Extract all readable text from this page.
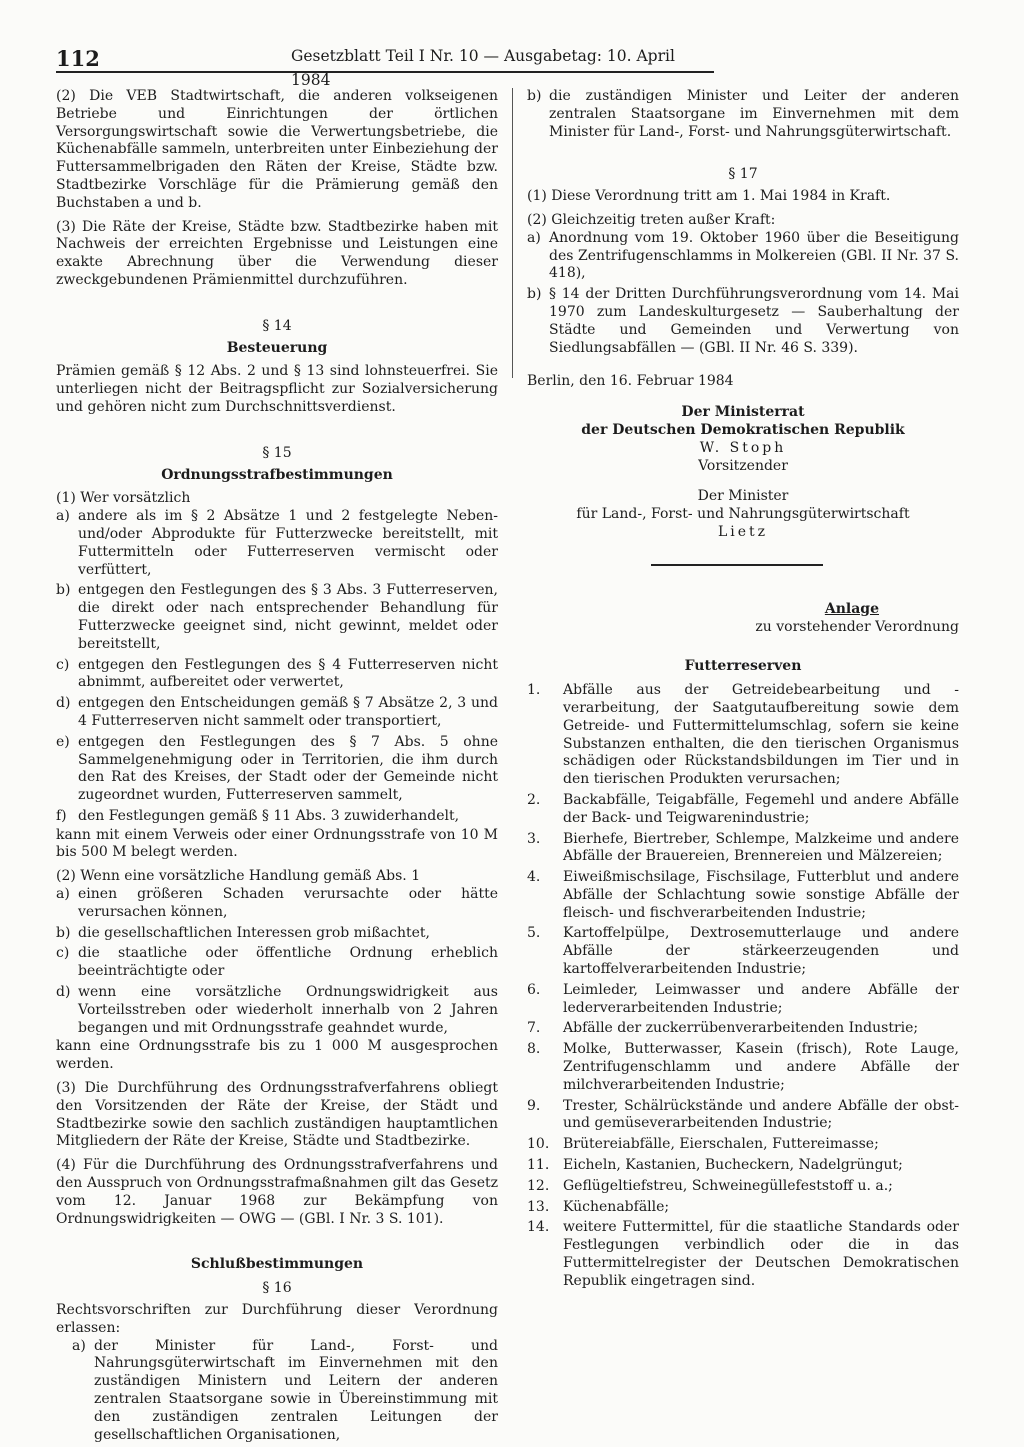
112	Gesetzblatt Teil I Nr. 10 — Ausgabetag: 10. April 1984

(2) Die VEB Stadtwirtschaft, die anderen volkseigenen Betriebe und Einrichtungen der örtlichen Versorgungswirtschaft sowie die Verwertungsbetriebe, die Küchenabfälle sammeln, unterbreiten unter Einbeziehung der Futtersammelbrigaden den Räten der Kreise, Städte bzw. Stadtbezirke Vorschläge für die Prämierung gemäß den Buchstaben a und b.

(3) Die Räte der Kreise, Städte bzw. Stadtbezirke haben mit Nachweis der erreichten Ergebnisse und Leistungen eine exakte Abrechnung über die Verwendung dieser zweckgebundenen Prämienmittel durchzuführen.

§ 14

Besteuerung

Prämien gemäß § 12 Abs. 2 und § 13 sind lohnsteuerfrei. Sie unterliegen nicht der Beitragspflicht zur Sozialversicherung und gehören nicht zum Durchschnittsverdienst.

§ 15

Ordnungsstrafbestimmungen

(1) Wer vorsätzlich

a) andere als im § 2 Absätze 1 und 2 festgelegte Neben- und/oder Abprodukte für Futterzwecke bereitstellt, mit Futtermitteln oder Futterreserven vermischt oder verfüttert,
b) entgegen den Festlegungen des § 3 Abs. 3 Futterreserven, die direkt oder nach entsprechender Behandlung für Futterzwecke geeignet sind, nicht gewinnt, meldet oder bereitstellt,
c) entgegen den Festlegungen des § 4 Futterreserven nicht abnimmt, aufbereitet oder verwertet,
d) entgegen den Entscheidungen gemäß § 7 Absätze 2, 3 und 4 Futterreserven nicht sammelt oder transportiert,
e) entgegen den Festlegungen des § 7 Abs. 5 ohne Sammelgenehmigung oder in Territorien, die ihm durch den Rat des Kreises, der Stadt oder der Gemeinde nicht zugeordnet wurden, Futterreserven sammelt,
f) den Festlegungen gemäß § 11 Abs. 3 zuwiderhandelt,

kann mit einem Verweis oder einer Ordnungsstrafe von 10 M bis 500 M belegt werden.

(2) Wenn eine vorsätzliche Handlung gemäß Abs. 1

a) einen größeren Schaden verursachte oder hätte verursachen können,
b) die gesellschaftlichen Interessen grob mißachtet,
c) die staatliche oder öffentliche Ordnung erheblich beeinträchtigte oder
d) wenn eine vorsätzliche Ordnungswidrigkeit aus Vorteilsstreben oder wiederholt innerhalb von 2 Jahren begangen und mit Ordnungsstrafe geahndet wurde,

kann eine Ordnungsstrafe bis zu 1 000 M ausgesprochen werden.

(3) Die Durchführung des Ordnungsstrafverfahrens obliegt den Vorsitzenden der Räte der Kreise, der Städt und Stadtbezirke sowie den sachlich zuständigen hauptamtlichen Mitgliedern der Räte der Kreise, Städte und Stadtbezirke.

(4) Für die Durchführung des Ordnungsstrafverfahrens und den Ausspruch von Ordnungsstrafmaßnahmen gilt das Gesetz vom 12. Januar 1968 zur Bekämpfung von Ordnungswidrigkeiten — OWG — (GBl. I Nr. 3 S. 101).

Schlußbestimmungen

§ 16

Rechtsvorschriften zur Durchführung dieser Verordnung erlassen:

a) der Minister für Land-, Forst- und Nahrungsgüterwirtschaft im Einvernehmen mit den zuständigen Ministern und Leitern der anderen zentralen Staatsorgane sowie in Übereinstimmung mit den zuständigen zentralen Leitungen der gesellschaftlichen Organisationen,
b) die zuständigen Minister und Leiter der anderen zentralen Staatsorgane im Einvernehmen mit dem Minister für Land-, Forst- und Nahrungsgüterwirtschaft.

§ 17

(1) Diese Verordnung tritt am 1. Mai 1984 in Kraft.

(2) Gleichzeitig treten außer Kraft:

a) Anordnung vom 19. Oktober 1960 über die Beseitigung des Zentrifugenschlamms in Molkereien (GBl. II Nr. 37 S. 418),
b) § 14 der Dritten Durchführungsverordnung vom 14. Mai 1970 zum Landeskulturgesetz — Sauberhaltung der Städte und Gemeinden und Verwertung von Siedlungsabfällen — (GBl. II Nr. 46 S. 339).

Berlin, den 16. Februar 1984

Der Ministerrat

der Deutschen Demokratischen Republik

W. Stoph

Vorsitzender

Der Minister

für Land-, Forst- und Nahrungsgüterwirtschaft

Lietz

Anlage

zu vorstehender Verordnung

Futterreserven

1. Abfälle aus der Getreidebearbeitung und -verarbeitung, der Saatgutaufbereitung sowie dem Getreide- und Futtermittelumschlag, sofern sie keine Substanzen enthalten, die den tierischen Organismus schädigen oder Rückstandsbildungen im Tier und in den tierischen Produkten verursachen;
2. Backabfälle, Teigabfälle, Fegemehl und andere Abfälle der Back- und Teigwarenindustrie;
3. Bierhefe, Biertreber, Schlempe, Malzkeime und andere Abfälle der Brauereien, Brennereien und Mälzereien;
4. Eiweißmischsilage, Fischsilage, Futterblut und andere Abfälle der Schlachtung sowie sonstige Abfälle der fleisch- und fischverarbeitenden Industrie;
5. Kartoffelpülpe, Dextrosemutterlauge und andere Abfälle der stärkeerzeugenden und kartoffelverarbeitenden Industrie;
6. Leimleder, Leimwasser und andere Abfälle der lederverarbeitenden Industrie;
7. Abfälle der zuckerrübenverarbeitenden Industrie;
8. Molke, Butterwasser, Kasein (frisch), Rote Lauge, Zentrifugenschlamm und andere Abfälle der milchverarbeitenden Industrie;
9. Trester, Schälrückstände und andere Abfälle der obst- und gemüseverarbeitenden Industrie;
10. Brütereiabfälle, Eierschalen, Futtereimasse;
11. Eicheln, Kastanien, Bucheckern, Nadelgrüngut;
12. Geflügeltiefstreu, Schweinegüllefeststoff u. a.;
13. Küchenabfälle;
14. weitere Futtermittel, für die staatliche Standards oder Festlegungen verbindlich oder die in das Futtermittelregister der Deutschen Demokratischen Republik eingetragen sind.
